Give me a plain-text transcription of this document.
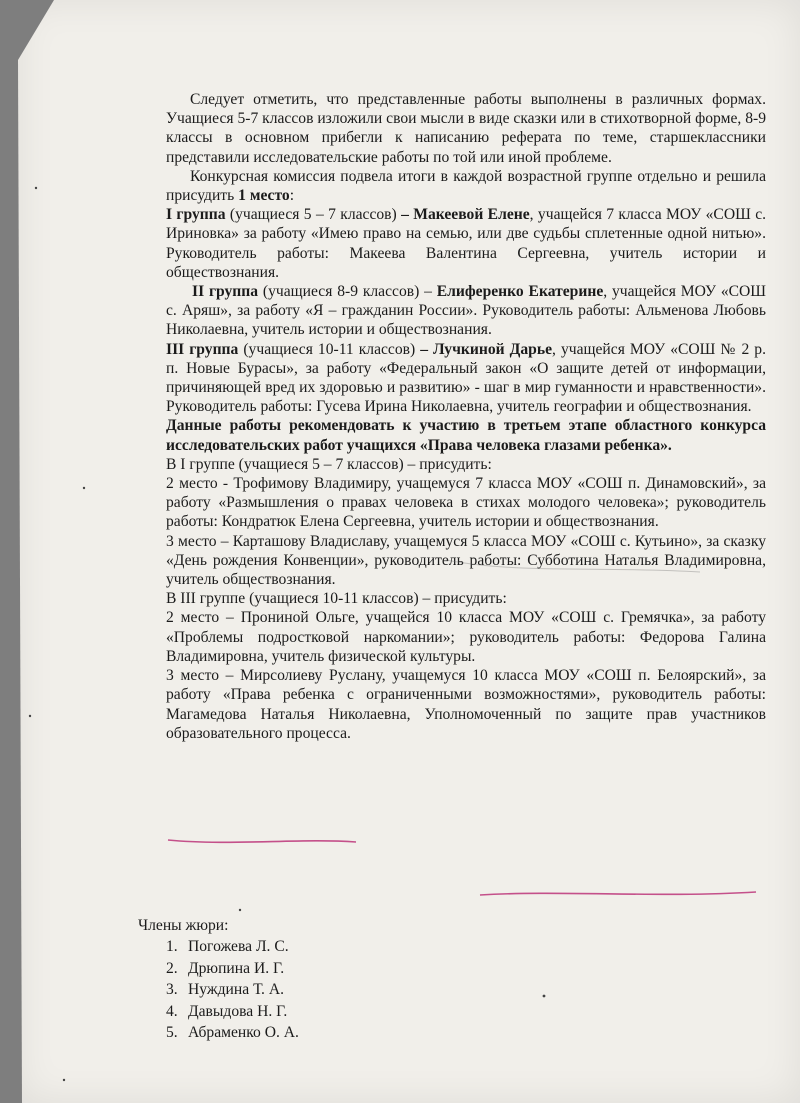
Следует отметить, что представленные работы выполнены в различных формах. Учащиеся 5-7 классов изложили свои мысли в виде сказки или в стихотворной форме, 8-9 классы в основном прибегли к написанию реферата по теме, старшеклассники представили исследовательские работы по той или иной проблеме.

Конкурсная комиссия подвела итоги в каждой возрастной группе отдельно и решила присудить 1 место:

I группа (учащиеся 5 – 7 классов) – Макеевой Елене, учащейся 7 класса МОУ «СОШ с. Ириновка» за работу «Имею право на семью, или две судьбы сплетенные одной нитью». Руководитель работы: Макеева Валентина Сергеевна, учитель истории и обществознания.

II группа (учащиеся 8-9 классов) – Елиференко Екатерине, учащейся МОУ «СОШ с. Аряш», за работу «Я – гражданин России». Руководитель работы: Альменова Любовь Николаевна, учитель истории и обществознания.

III группа (учащиеся 10-11 классов) – Лучкиной Дарье, учащейся МОУ «СОШ № 2 р. п. Новые Бурасы», за работу «Федеральный закон «О защите детей от информации, причиняющей вред их здоровью и развитию» - шаг в мир гуманности и нравственности». Руководитель работы: Гусева Ирина Николаевна, учитель географии и обществознания.

Данные работы рекомендовать к участию в третьем этапе областного конкурса исследовательских работ учащихся «Права человека глазами ребенка».

В I группе (учащиеся 5 – 7 классов) – присудить:

2 место - Трофимову Владимиру, учащемуся 7 класса МОУ «СОШ п. Динамовский», за работу «Размышления о правах человека в стихах молодого человека»; руководитель работы: Кондратюк Елена Сергеевна, учитель истории и обществознания.

3 место – Карташову Владиславу, учащемуся 5 класса МОУ «СОШ с. Кутьино», за сказку «День рождения Конвенции», руководитель работы: Субботина Наталья Владимировна, учитель обществознания.

В III группе (учащиеся 10-11 классов) – присудить:

2 место – Прониной Ольге, учащейся 10 класса МОУ «СОШ с. Гремячка», за работу «Проблемы подростковой наркомании»; руководитель работы: Федорова Галина Владимировна, учитель физической культуры.

3 место – Мирсолиеву Руслану, учащемуся 10 класса МОУ «СОШ п. Белоярский», за работу «Права ребенка с ограниченными возможностями», руководитель работы: Магамедова Наталья Николаевна, Уполномоченный по защите прав участников образовательного процесса.

Члены жюри:

1. Погожева Л. С.
2. Дрюпина И. Г.
3. Нуждина Т. А.
4. Давыдова Н. Г.
5. Абраменко О. А.
